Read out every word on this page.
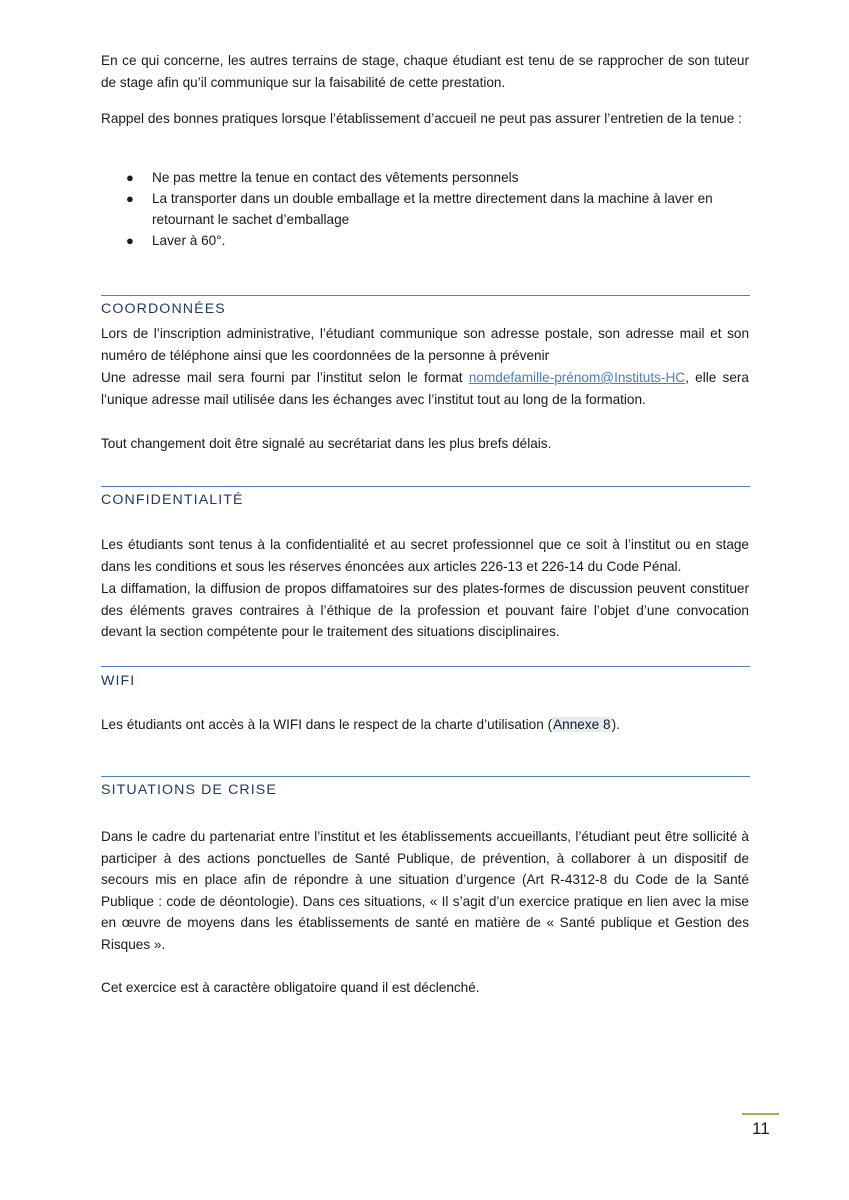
En ce qui concerne, les autres terrains de stage, chaque étudiant est tenu de se rapprocher de son tuteur de stage afin qu’il communique sur la faisabilité de cette prestation.

Rappel des bonnes pratiques lorsque l’établissement d’accueil ne peut pas assurer l’entretien de la tenue :

● Ne pas mettre la tenue en contact des vêtements personnels
● La transporter dans un double emballage et la mettre directement dans la machine à laver en retournant le sachet d’emballage
● Laver à 60°.
COORDONNÉES

Lors de l’inscription administrative, l’étudiant communique son adresse postale, son adresse mail et son numéro de téléphone ainsi que les coordonnées de la personne à prévenir

Une adresse mail sera fourni par l’institut selon le format nomdefamille-prénom@Instituts-HC, elle sera l’unique adresse mail utilisée dans les échanges avec l’institut tout au long de la formation.

Tout changement doit être signalé au secrétariat dans les plus brefs délais.

CONFIDENTIALITÉ

Les étudiants sont tenus à la confidentialité et au secret professionnel que ce soit à l’institut ou en stage dans les conditions et sous les réserves énoncées aux articles 226-13 et 226-14 du Code Pénal.

La diffamation, la diffusion de propos diffamatoires sur des plates-formes de discussion peuvent constituer des éléments graves contraires à l’éthique de la profession et pouvant faire l’objet d’une convocation devant la section compétente pour le traitement des situations disciplinaires.

WIFI

Les étudiants ont accès à la WIFI dans le respect de la charte d’utilisation (Annexe 8).

SITUATIONS DE CRISE

Dans le cadre du partenariat entre l’institut et les établissements accueillants, l’étudiant peut être sollicité à participer à des actions ponctuelles de Santé Publique, de prévention, à collaborer à un dispositif de secours mis en place afin de répondre à une situation d’urgence (Art R-4312-8 du Code de la Santé Publique : code de déontologie). Dans ces situations, « Il s’agit d’un exercice pratique en lien avec la mise en œuvre de moyens dans les établissements de santé en matière de « Santé publique et Gestion des Risques ».

Cet exercice est à caractère obligatoire quand il est déclenché.

11
